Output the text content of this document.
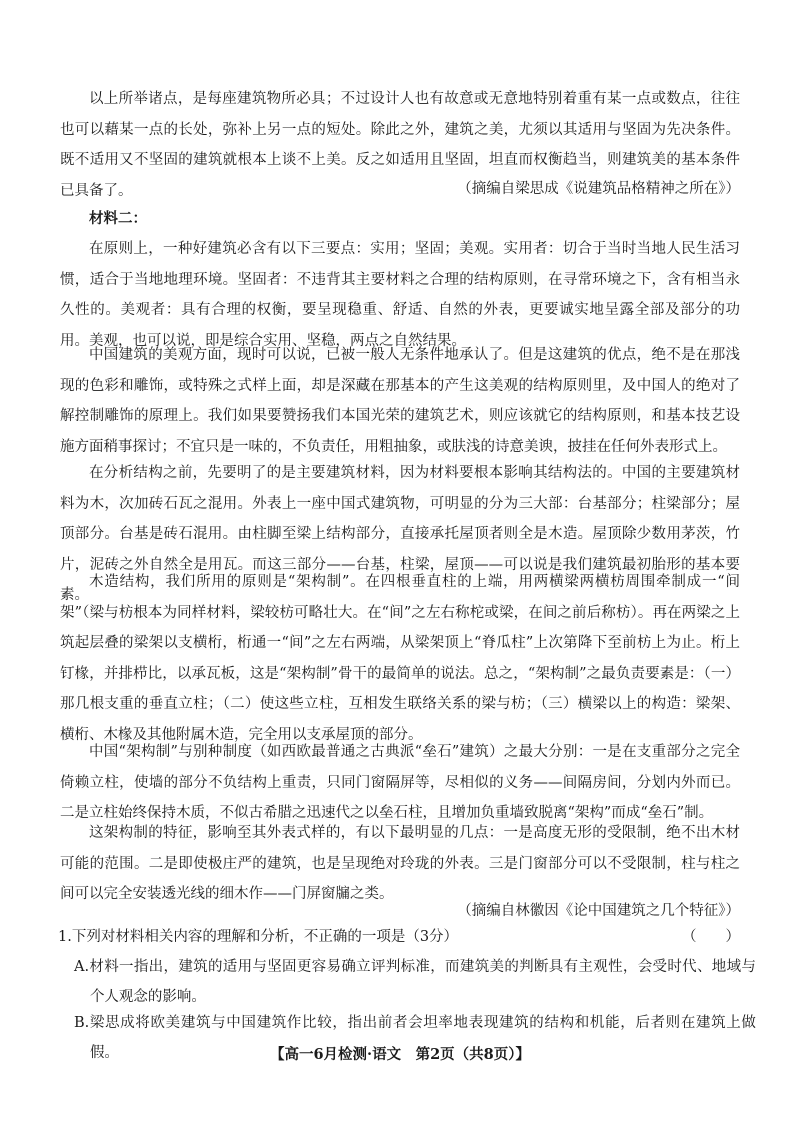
以上所举诸点，是每座建筑物所必具；不过设计人也有故意或无意地特别着重有某一点或数点，往往也可以藉某一点的长处，弥补上另一点的短处。除此之外，建筑之美，尤须以其适用与坚固为先决条件。既不适用又不坚固的建筑就根本上谈不上美。反之如适用且坚固，坦直而权衡趋当，则建筑美的基本条件已具备了。	（摘编自梁思成《说建筑品格精神之所在》）

材料二：

在原则上，一种好建筑必含有以下三要点：实用；坚固；美观。实用者：切合于当时当地人民生活习惯，适合于当地地理环境。坚固者：不违背其主要材料之合理的结构原则，在寻常环境之下，含有相当永久性的。美观者：具有合理的权衡，要呈现稳重、舒适、自然的外表，更要诚实地呈露全部及部分的功用。美观，也可以说，即是综合实用、坚稳，两点之自然结果。

中国建筑的美观方面，现时可以说，已被一般人无条件地承认了。但是这建筑的优点，绝不是在那浅现的色彩和雕饰，或特殊之式样上面，却是深藏在那基本的产生这美观的结构原则里，及中国人的绝对了解控制雕饰的原理上。我们如果要赞扬我们本国光荣的建筑艺术，则应该就它的结构原则，和基本技艺设施方面稍事探讨；不宜只是一味的，不负责任，用粗抽象，或肤浅的诗意美谀，披挂在任何外表形式上。

在分析结构之前，先要明了的是主要建筑材料，因为材料要根本影响其结构法的。中国的主要建筑材料为木，次加砖石瓦之混用。外表上一座中国式建筑物，可明显的分为三大部：台基部分；柱梁部分；屋顶部分。台基是砖石混用。由柱脚至梁上结构部分，直接承托屋顶者则全是木造。屋顶除少数用茅茨，竹片，泥砖之外自然全是用瓦。而这三部分——台基，柱梁，屋顶——可以说是我们建筑最初胎形的基本要素。

木造结构，我们所用的原则是“架构制”。在四根垂直柱的上端，用两横梁两横枋周围牵制成一“间架”（梁与枋根本为同样材料，梁较枋可略壮大。在“间”之左右称柁或梁，在间之前后称枋）。再在两梁之上筑起层叠的梁架以支横桁，桁通一“间”之左右两端，从梁架顶上“脊瓜柱”上次第降下至前枋上为止。桁上钉椽，并排栉比，以承瓦板，这是“架构制”骨干的最简单的说法。总之，“架构制”之最负责要素是：（一）那几根支重的垂直立柱；（二）使这些立柱，互相发生联络关系的梁与枋；（三）横梁以上的构造：梁架、横桁、木椽及其他附属木造，完全用以支承屋顶的部分。

中国“架构制”与别种制度（如西欧最普通之古典派“垒石”建筑）之最大分别：一是在支重部分之完全倚赖立柱，使墙的部分不负结构上重责，只同门窗隔屏等，尽相似的义务——间隔房间，分划内外而已。二是立柱始终保持木质，不似古希腊之迅速代之以垒石柱，且增加负重墙致脱离“架构”而成“垒石”制。

这架构制的特征，影响至其外表式样的，有以下最明显的几点：一是高度无形的受限制，绝不出木材可能的范围。二是即使极庄严的建筑，也是呈现绝对玲珑的外表。三是门窗部分可以不受限制，柱与柱之间可以完全安装透光线的细木作——门屏窗牖之类。

（摘编自林徽因《论中国建筑之几个特征》）

1.下列对材料相关内容的理解和分析，不正确的一项是（3分）	（　　）

A.材料一指出，建筑的适用与坚固更容易确立评判标准，而建筑美的判断具有主观性，会受时代、地域与个人观念的影响。

B.梁思成将欧美建筑与中国建筑作比较，指出前者会坦率地表现建筑的结构和机能，后者则在建筑上做假。	【高一6月检测·语文　第2页（共8页）】
